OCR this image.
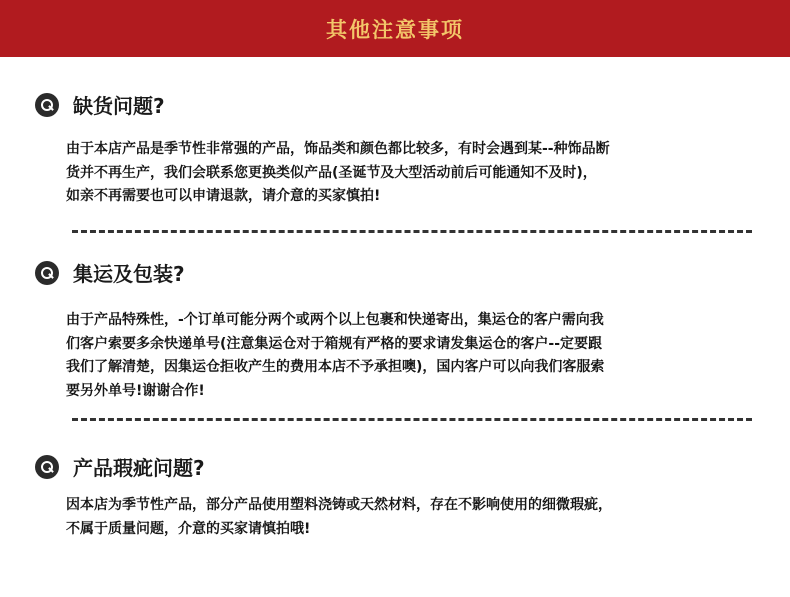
其他注意事项
缺货问题?

由于本店产品是季节性非常强的产品，饰品类和颜色都比较多，有时会遇到某--种饰品断

货并不再生产，我们会联系您更换类似产品(圣诞节及大型活动前后可能通知不及时)，

如亲不再需要也可以申请退款，请介意的买家慎拍!

集运及包装?

由于产品特殊性，-个订单可能分两个或两个以上包裹和快递寄出，集运仓的客户需向我

们客户索要多余快递单号(注意集运仓对于箱规有严格的要求请发集运仓的客户--定要跟

我们了解清楚，因集运仓拒收产生的费用本店不予承担噢)，国内客户可以向我们客服索

要另外单号!谢谢合作!

产品瑕疵问题?

因本店为季节性产品，部分产品使用塑料浇铸或天然材料，存在不影响使用的细微瑕疵，

不属于质量问题，介意的买家请慎拍哦!
